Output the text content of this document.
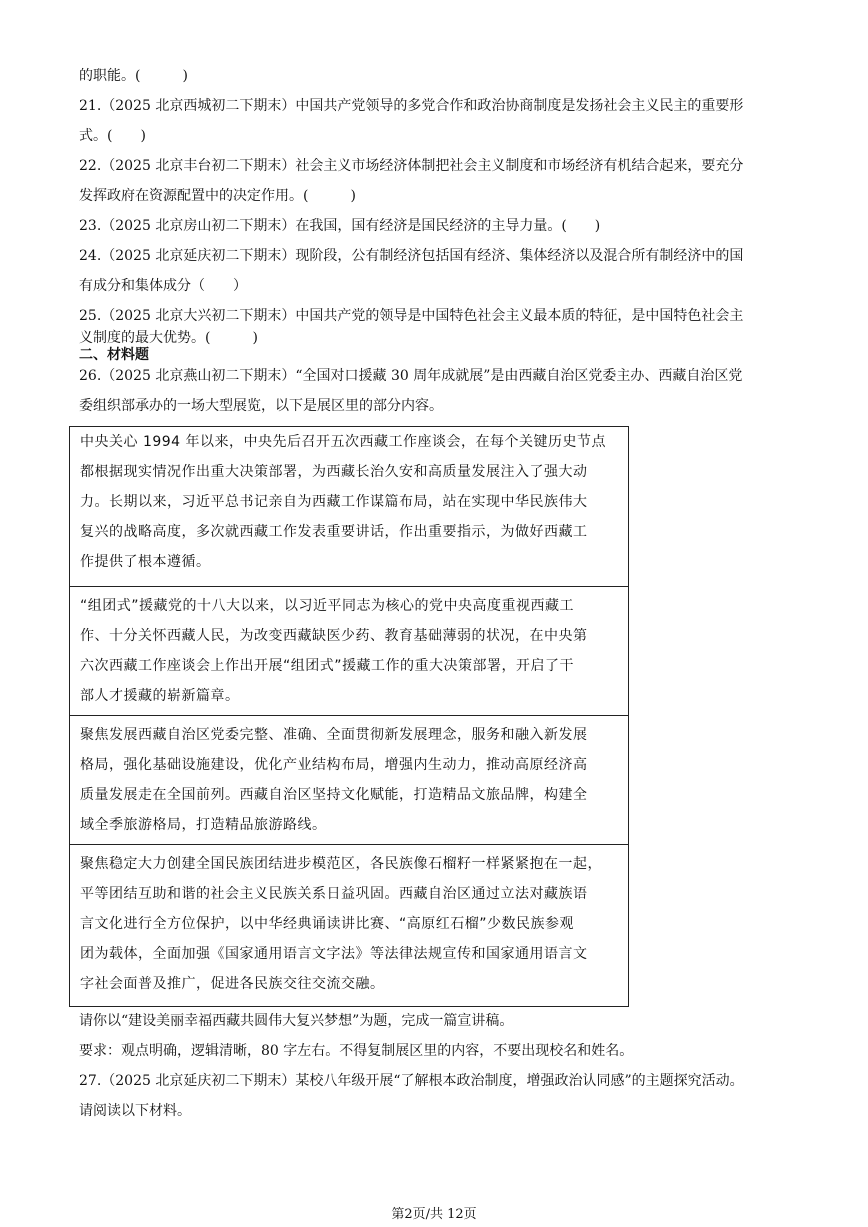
的职能。(　　　)
21.（2025 北京西城初二下期末）中国共产党领导的多党合作和政治协商制度是发扬社会主义民主的重要形
式。(　　)
22.（2025 北京丰台初二下期末）社会主义市场经济体制把社会主义制度和市场经济有机结合起来，要充分
发挥政府在资源配置中的决定作用。(　　　)
23.（2025 北京房山初二下期末）在我国，国有经济是国民经济的主导力量。(　　)
24.（2025 北京延庆初二下期末）现阶段，公有制经济包括国有经济、集体经济以及混合所有制经济中的国
有成分和集体成分（　　）
25.（2025 北京大兴初二下期末）中国共产党的领导是中国特色社会主义最本质的特征，是中国特色社会主
义制度的最大优势。(　　　)
二、材料题
26.（2025 北京燕山初二下期末）“全国对口援藏 30 周年成就展”是由西藏自治区党委主办、西藏自治区党
委组织部承办的一场大型展览，以下是展区里的部分内容。

中央关心 1994 年以来，中央先后召开五次西藏工作座谈会，在每个关键历史节点

都根据现实情况作出重大决策部署，为西藏长治久安和高质量发展注入了强大动

力。长期以来，习近平总书记亲自为西藏工作谋篇布局，站在实现中华民族伟大

复兴的战略高度，多次就西藏工作发表重要讲话，作出重要指示，为做好西藏工

作提供了根本遵循。

“组团式”援藏党的十八大以来，以习近平同志为核心的党中央高度重视西藏工

作、十分关怀西藏人民，为改变西藏缺医少药、教育基础薄弱的状况，在中央第

六次西藏工作座谈会上作出开展“组团式”援藏工作的重大决策部署，开启了干

部人才援藏的崭新篇章。

聚焦发展西藏自治区党委完整、准确、全面贯彻新发展理念，服务和融入新发展

格局，强化基础设施建设，优化产业结构布局，增强内生动力，推动高原经济高

质量发展走在全国前列。西藏自治区坚持文化赋能，打造精品文旅品牌，构建全

域全季旅游格局，打造精品旅游路线。

聚焦稳定大力创建全国民族团结进步模范区，各民族像石榴籽一样紧紧抱在一起，

平等团结互助和谐的社会主义民族关系日益巩固。西藏自治区通过立法对藏族语

言文化进行全方位保护，以中华经典诵读讲比赛、“高原红石榴”少数民族参观

团为载体，全面加强《国家通用语言文字法》等法律法规宣传和国家通用语言文

字社会面普及推广，促进各民族交往交流交融。

请你以“建设美丽幸福西藏共圆伟大复兴梦想”为题，完成一篇宣讲稿。
要求：观点明确，逻辑清晰，80 字左右。不得复制展区里的内容，不要出现校名和姓名。
27.（2025 北京延庆初二下期末）某校八年级开展“了解根本政治制度，增强政治认同感”的主题探究活动。
请阅读以下材料。
第2页/共 12页
